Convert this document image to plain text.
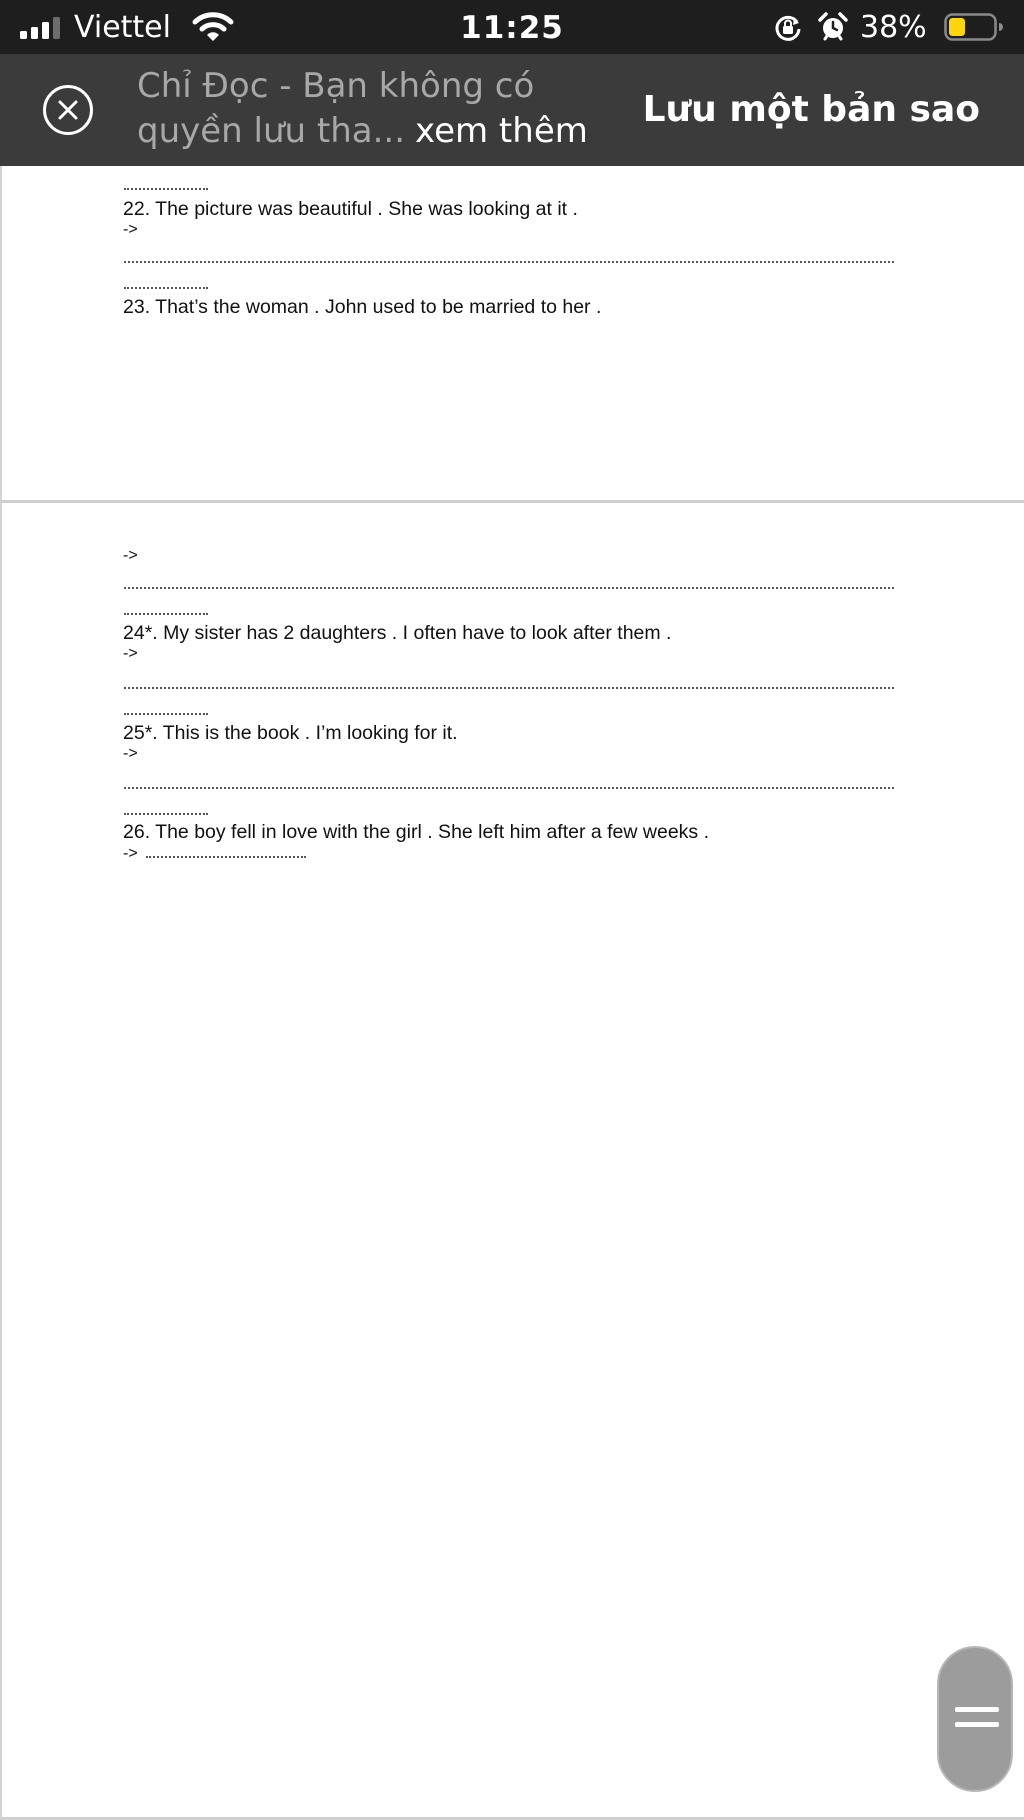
Viettel	11:25	38%
Chỉ Đọc - Bạn không có
quyền lưu tha... xem thêm
Lưu một bản sao
22. The picture was beautiful . She was looking at it .
->
23. That’s the woman . John used to be married to her .
->
24*. My sister has 2 daughters . I often have to look after them .
->
25*. This is the book . I’m looking for it.
->
26. The boy fell in love with the girl . She left him after a few weeks .
->
